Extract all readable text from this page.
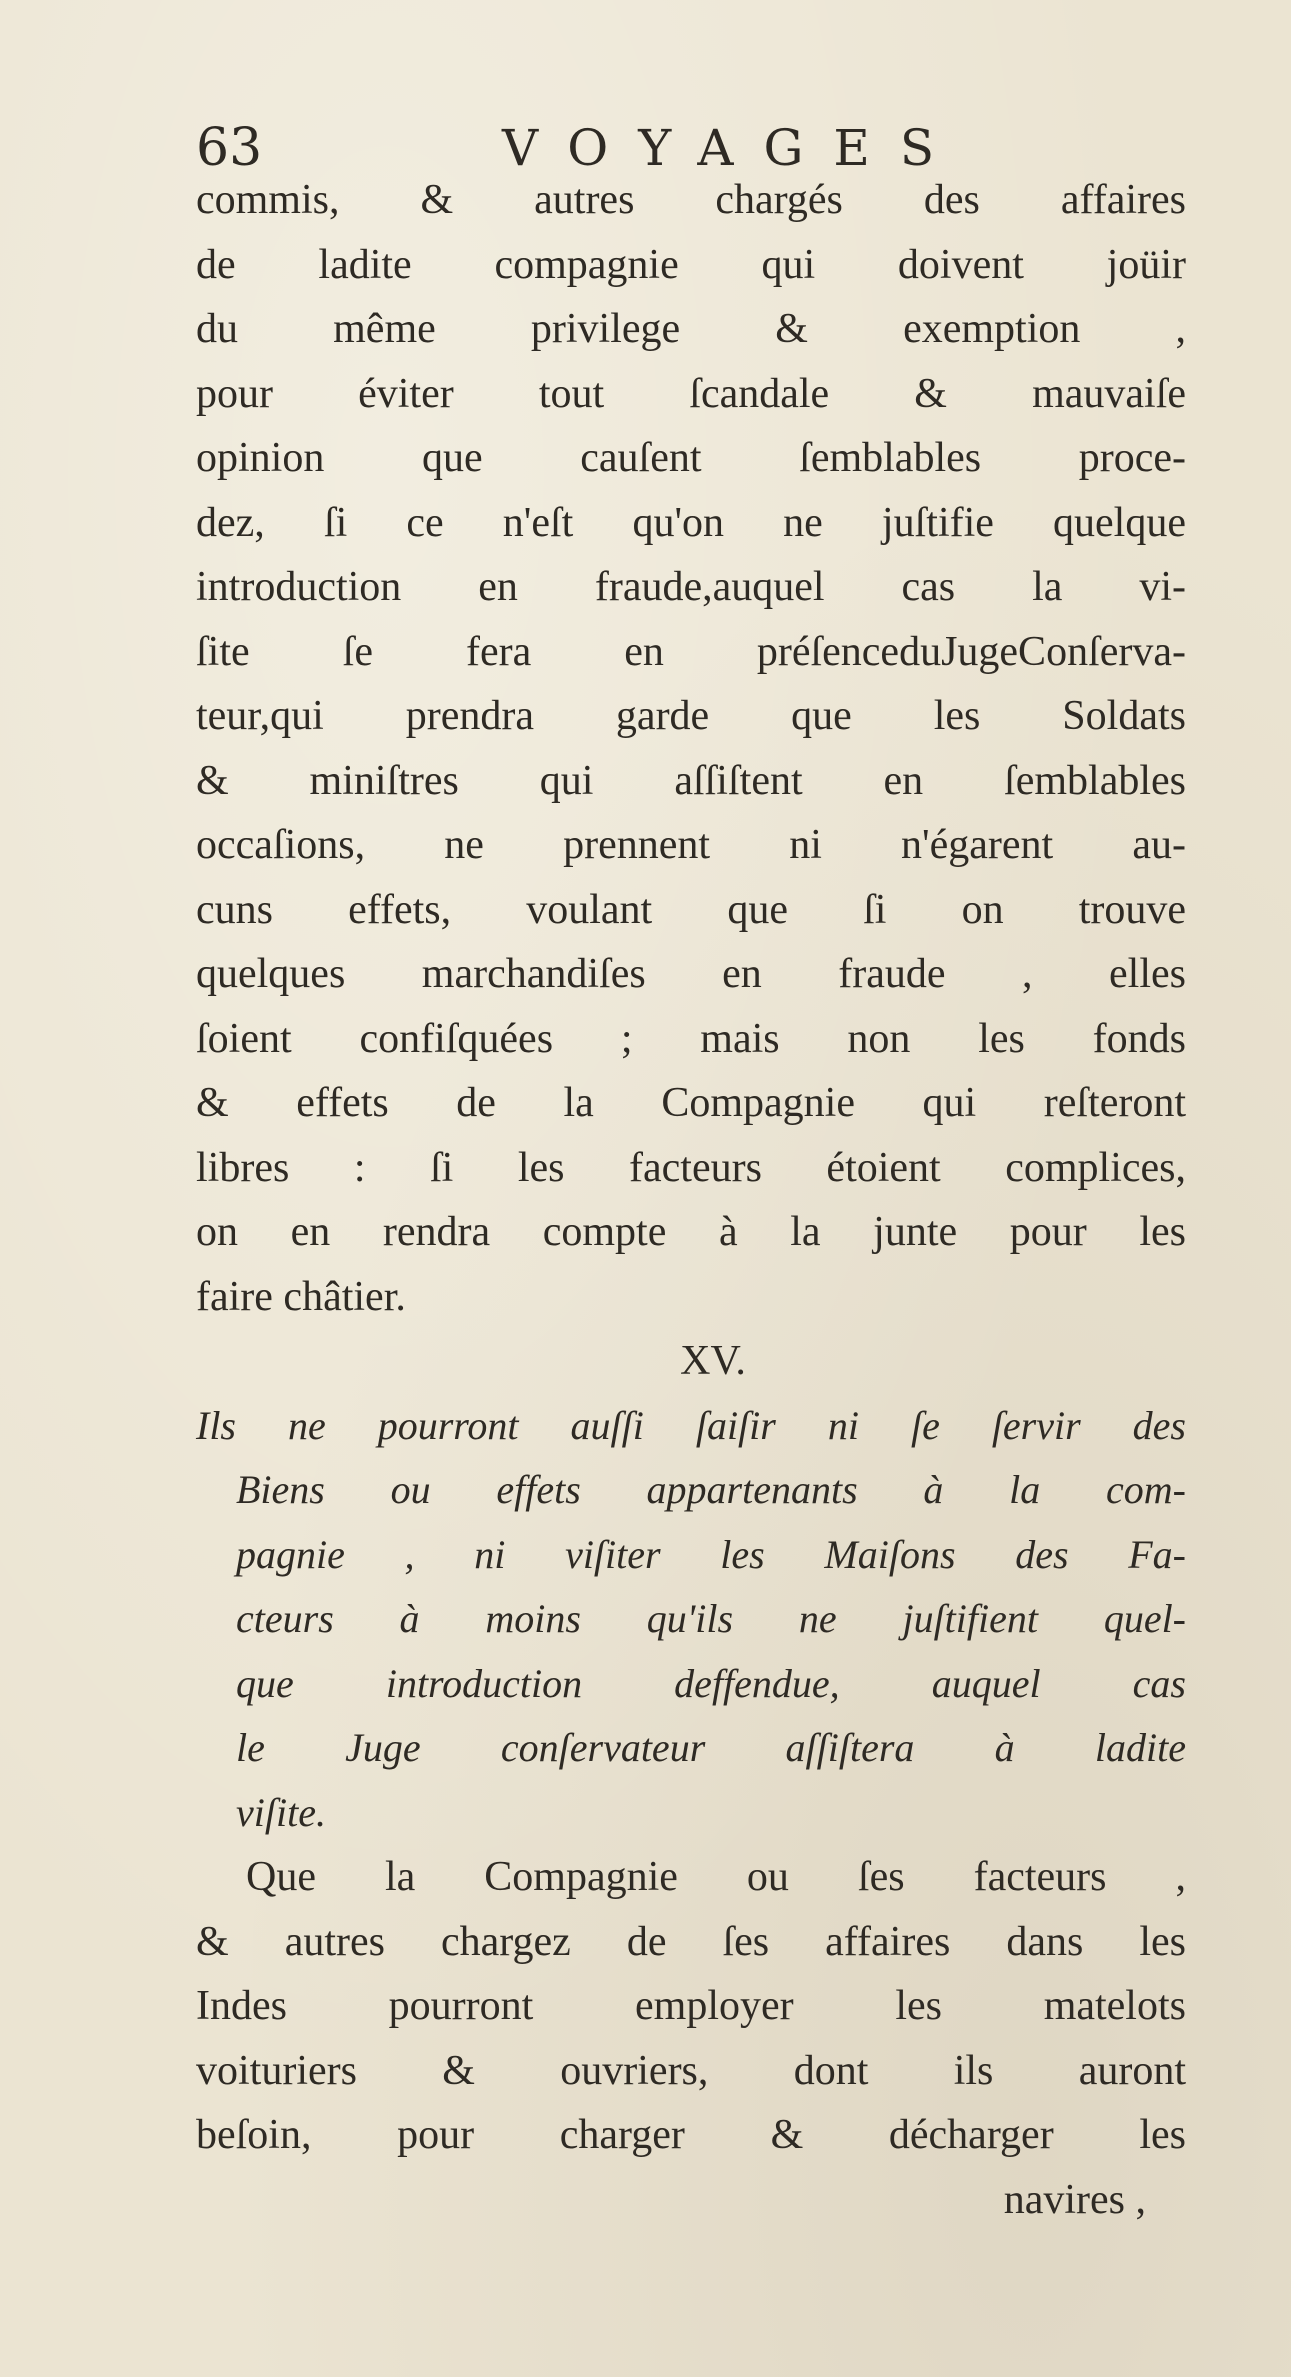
63	VOYAGES
commis, & autres chargés des affaires
de ladite compagnie qui doivent joüir
du même privilege & exemption ,
pour éviter tout ſcandale & mauvaiſe
opinion que cauſent ſemblables proce-
dez, ſi ce n'eſt qu'on ne juſtifie quelque
introduction en fraude,auquel cas la vi-
ſite ſe fera en préſenceduJugeConſerva-
teur,qui prendra garde que les Soldats
& miniſtres qui aſſiſtent en ſemblables
occaſions, ne prennent ni n'égarent au-
cuns effets, voulant que ſi on trouve
quelques marchandiſes en fraude , elles
ſoient confiſquées ; mais non les fonds
& effets de la Compagnie qui reſteront
libres : ſi les facteurs étoient complices,
on en rendra compte à la junte pour les
faire châtier.
XV.
Ils ne pourront auſſi ſaiſir ni ſe ſervir des
Biens ou effets appartenants à la com-
pagnie , ni viſiter les Maiſons des Fa-
cteurs à moins qu'ils ne juſtifient quel-
que introduction deffendue, auquel cas
le Juge conſervateur aſſiſtera à ladite
viſite.
Que la Compagnie ou ſes facteurs ,
& autres chargez de ſes affaires dans les
Indes pourront employer les matelots
voituriers & ouvriers, dont ils auront
beſoin, pour charger & décharger les
navires ,
